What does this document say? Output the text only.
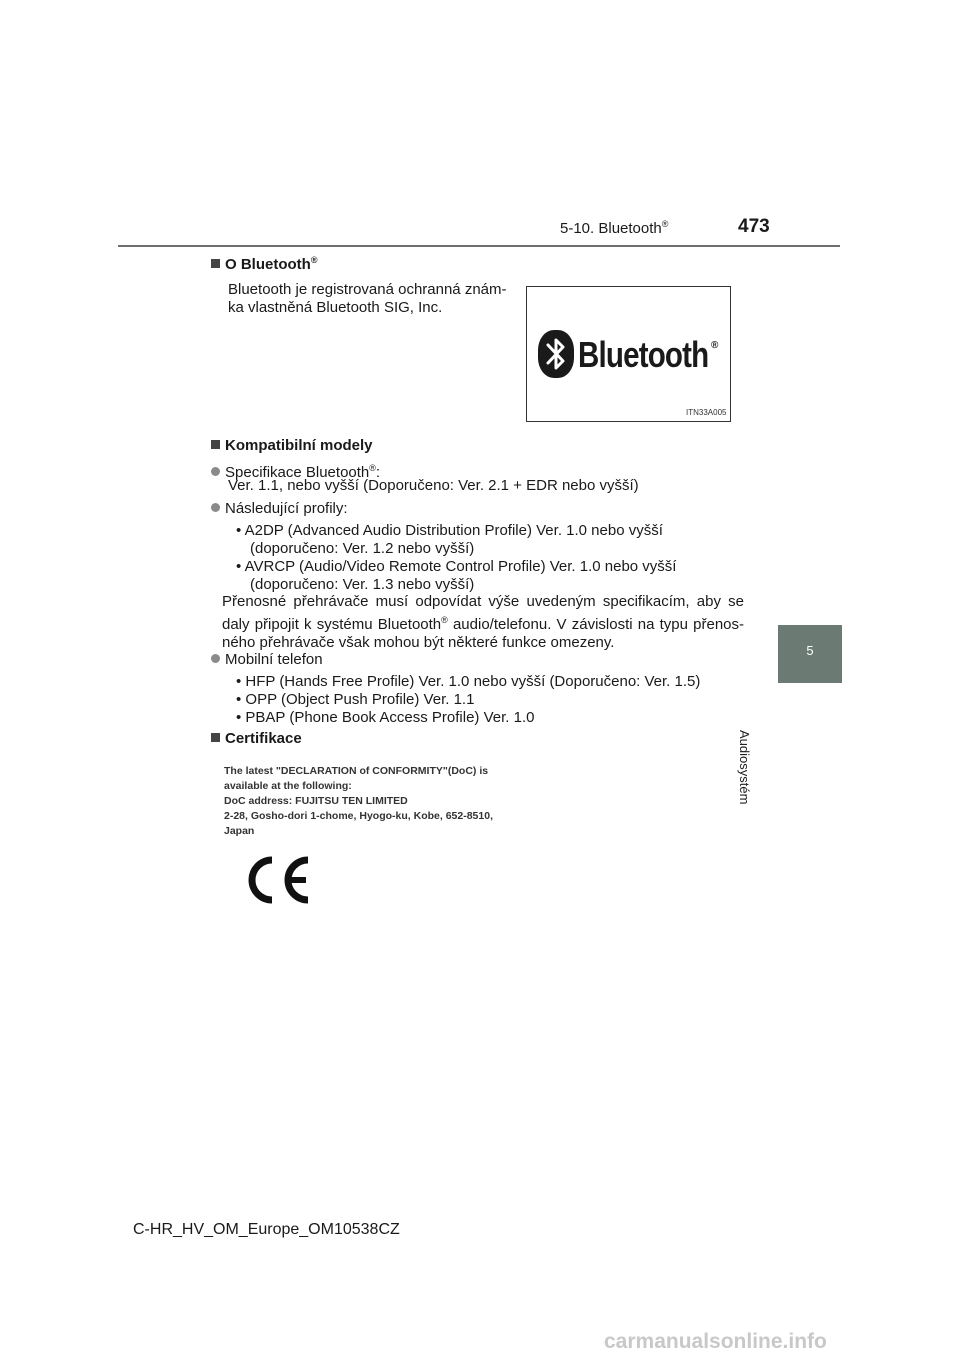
5-10. Bluetooth®	473
5
Audiosystém
O Bluetooth®
Bluetooth je registrovaná ochranná znám-
ka vlastněná Bluetooth SIG, Inc.
Bluetooth ®
ITN33A005
Kompatibilní modely
Specifikace Bluetooth®:
Ver. 1.1, nebo vyšší (Doporučeno: Ver. 2.1 + EDR nebo vyšší)
Následující profily:
• A2DP (Advanced Audio Distribution Profile) Ver. 1.0 nebo vyšší
(doporučeno: Ver. 1.2 nebo vyšší)
• AVRCP (Audio/Video Remote Control Profile) Ver. 1.0 nebo vyšší
(doporučeno: Ver. 1.3 nebo vyšší)
Přenosné přehrávače musí odpovídat výše uvedeným specifikacím, aby se daly připojit k systému Bluetooth® audio/telefonu. V závislosti na typu přenos-ného přehrávače však mohou být některé funkce omezeny.
Mobilní telefon
• HFP (Hands Free Profile) Ver. 1.0 nebo vyšší (Doporučeno: Ver. 1.5)
• OPP (Object Push Profile) Ver. 1.1
• PBAP (Phone Book Access Profile) Ver. 1.0
Certifikace
The latest "DECLARATION of CONFORMITY"(DoC) is
available at the following:
DoC address: FUJITSU TEN LIMITED
2-28, Gosho-dori 1-chome, Hyogo-ku, Kobe, 652-8510,
Japan
C-HR_HV_OM_Europe_OM10538CZ
carmanualsonline.info
